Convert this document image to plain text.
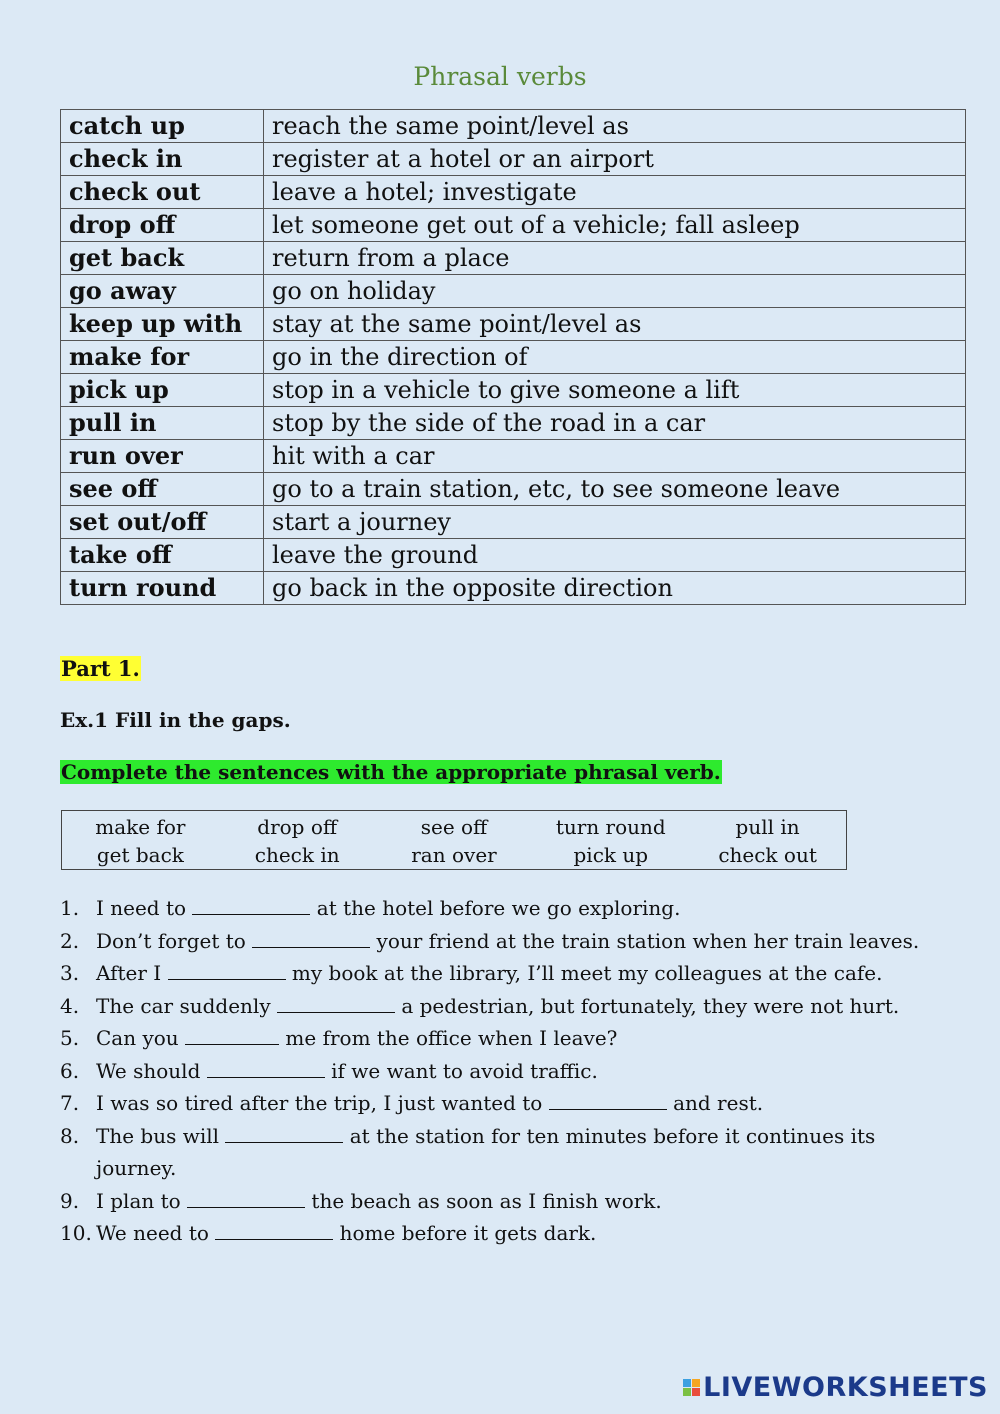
Phrasal verbs
catch up	reach the same point/level as
check in	register at a hotel or an airport
check out	leave a hotel; investigate
drop off	let someone get out of a vehicle; fall asleep
get back	return from a place
go away	go on holiday
keep up with	stay at the same point/level as
make for	go in the direction of
pick up	stop in a vehicle to give someone a lift
pull in	stop by the side of the road in a car
run over	hit with a car
see off	go to a train station, etc, to see someone leave
set out/off	start a journey
take off	leave the ground
turn round	go back in the opposite direction
Part 1.
Ex.1 Fill in the gaps.
Complete the sentences with the appropriate phrasal verb.
make for	drop off	see off	turn round	pull in
get back	check in	ran over	pick up	check out
1. I need to	at the hotel before we go exploring.
2. Don’t forget to	your friend at the train station when her train leaves.
3. After I	my book at the library, I’ll meet my colleagues at the cafe.
4. The car suddenly	a pedestrian, but fortunately, they were not hurt.
5. Can you	me from the office when I leave?
6. We should	if we want to avoid traffic.
7. I was so tired after the trip, I just wanted to	and rest.
8. The bus will	at the station for ten minutes before it continues its journey.
9. I plan to	the beach as soon as I finish work.
10. We need to	home before it gets dark.
LIVEWORKSHEETS
